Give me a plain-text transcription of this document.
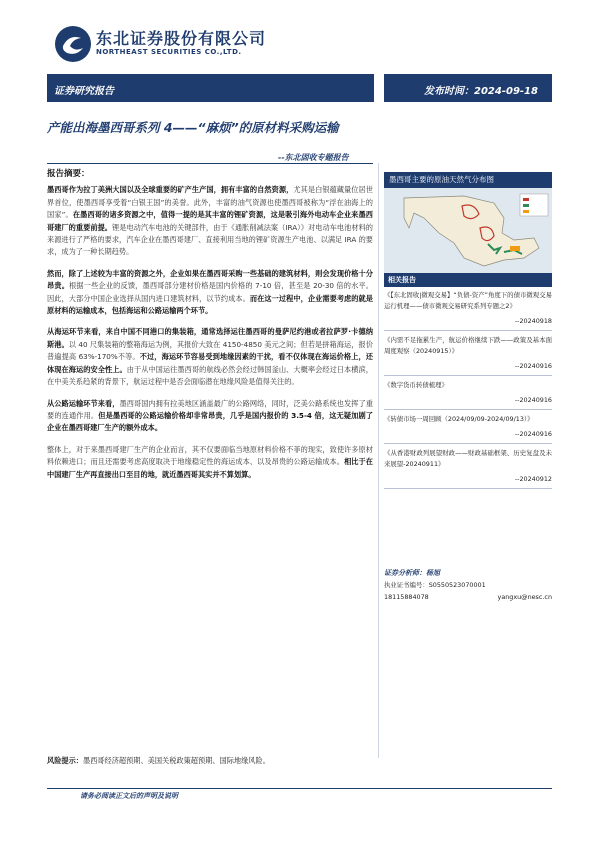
东北证券股份有限公司
NORTHEAST SECURITIES CO.,LTD.
证券研究报告	发布时间：2024-09-18
产能出海墨西哥系列 4——“麻烦”的原材料采购运输
--东北固收专题报告
报告摘要：

墨西哥作为拉丁美洲大国以及全球重要的矿产生产国，拥有丰富的自然资源，尤其是白银蕴藏量位居世界首位，使墨西哥享受着“白银王国”的美誉。此外，丰富的油气资源也使墨西哥被称为“浮在油海上的国家”。在墨西哥的诸多资源之中，值得一提的是其丰富的锂矿资源，这是吸引海外电动车企业来墨西哥建厂的重要前提。锂是电动汽车电池的关键部件，由于《通胀削减法案（IRA）》对电动车电池材料的来源进行了严格的要求，汽车企业在墨西哥建厂、直接利用当地的锂矿资源生产电池、以满足 IRA 的要求，成为了一种长期趋势。

然而，除了上述较为丰富的资源之外，企业如果在墨西哥采购一些基础的建筑材料，则会发现价格十分昂贵。根据一些企业的反馈，墨西哥部分建材价格是国内价格的 7-10 倍，甚至是 20-30 倍的水平。因此，大部分中国企业选择从国内进口建筑材料，以节约成本。而在这一过程中，企业需要考虑的就是原材料的运输成本，包括海运和公路运输两个环节。

从海运环节来看，来自中国不同港口的集装箱，通常选择运往墨西哥的曼萨尼约港或者拉萨罗·卡德纳斯港。以 40 尺集装箱的整箱海运为例，其报价大致在 4150-4850 美元之间；但若是拼箱海运，报价普遍提高 63%-170%不等。不过，海运环节容易受到地缘因素的干扰，看不仅体现在海运价格上，还体现在海运的安全性上。由于从中国运往墨西哥的航线必然会经过韩国釜山、大概率会经过日本横滨，在中美关系趋紧的背景下，航运过程中是否会面临潜在地缘风险是值得关注的。

从公路运输环节来看，墨西哥国内拥有拉美地区涵盖最广的公路网络，同时，泛美公路系统也发挥了重要的连通作用。但是墨西哥的公路运输价格却非常昂贵，几乎是国内报价的 3.5-4 倍，这无疑加剧了企业在墨西哥建厂生产的额外成本。

整体上，对于来墨西哥建厂生产的企业而言，其不仅要面临当地原材料价格不菲的现实，致使许多原材料依赖进口；而且还需要考虑高度取决于地缘稳定性的海运成本、以及昂贵的公路运输成本。相比于在中国建厂生产再直接出口至目的地，就近墨西哥其实并不算划算。

风险提示：墨西哥经济超预期、美国关税政策超预期、国际地缘风险。
请务必阅读正文后的声明及说明
墨西哥主要的原油天然气分布图
相关报告
《【东北固收|微观交易】“负债-资产”角度下的债市微观交易运行机理——债市微观交易研究系列专题之2》
--20240918
《内需不足拖累生产，航运价格继续下跌——政策及基本面周度观察（20240915）》
--20240916
《数字货币转债梳理》
--20240916
《转债市场一周回顾（2024/09/09-2024/09/13）》
--20240916
《从香港财政列展望财政——财政基础框架、历史复盘及未来展望-20240911》
--20240912
证券分析师：杨旭
执业证书编号：S0550523070001
18115884078	yangxu@nesc.cn
